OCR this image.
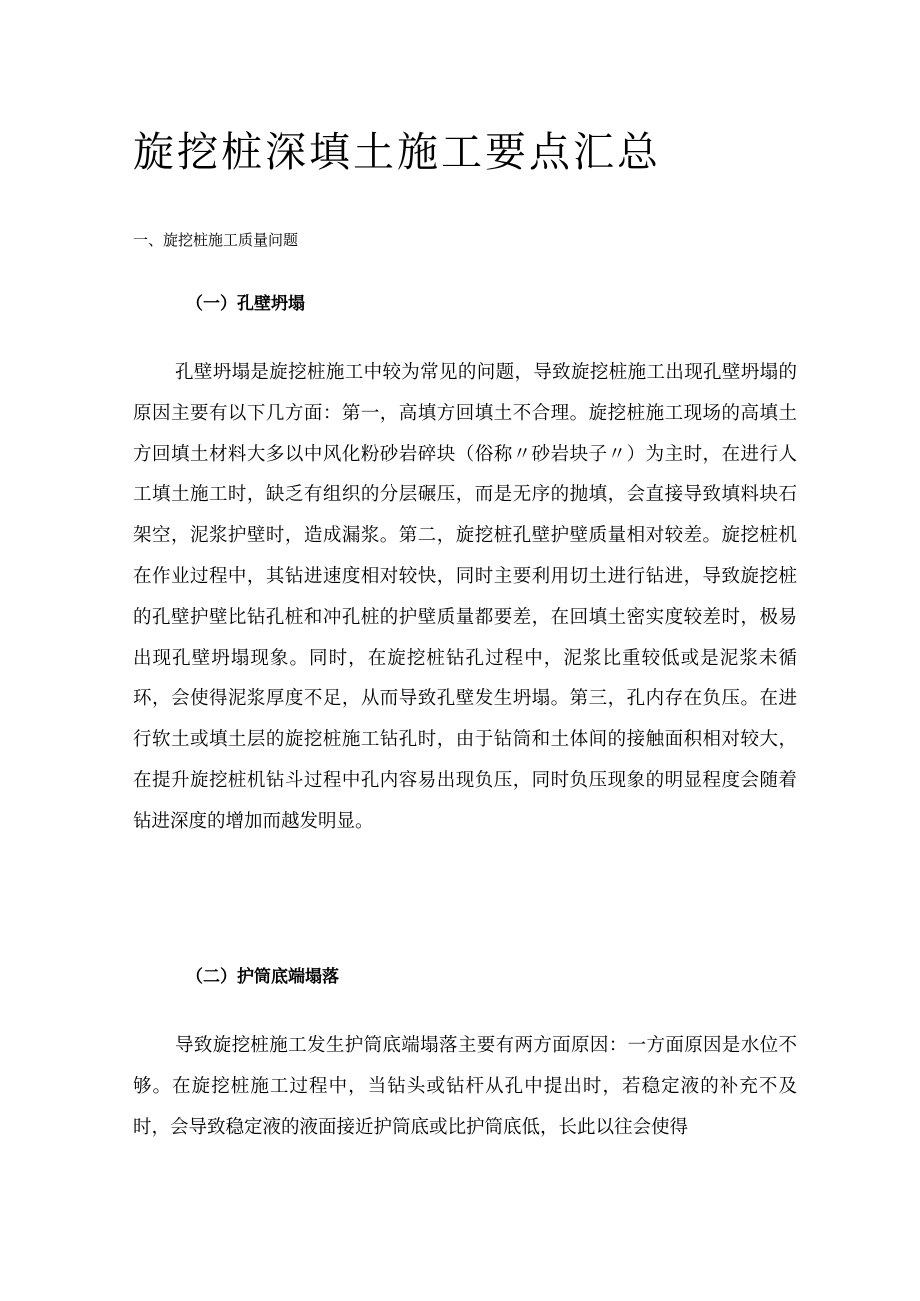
旋挖桩深填土施工要点汇总
一、旋挖桩施工质量问题
（一）孔壁坍塌

孔壁坍塌是旋挖桩施工中较为常见的问题，导致旋挖桩施工出现孔壁坍塌的原因主要有以下几方面：第一，高填方回填土不合理。旋挖桩施工现场的高填土方回填土材料大多以中风化粉砂岩碎块（俗称〃砂岩块子〃）为主时，在进行人工填土施工时，缺乏有组织的分层碾压，而是无序的抛填，会直接导致填料块石架空，泥浆护壁时，造成漏浆。第二，旋挖桩孔壁护壁质量相对较差。旋挖桩机在作业过程中，其钻进速度相对较快，同时主要利用切土进行钻进，导致旋挖桩的孔壁护壁比钻孔桩和冲孔桩的护壁质量都要差，在回填土密实度较差时，极易出现孔壁坍塌现象。同时，在旋挖桩钻孔过程中，泥浆比重较低或是泥浆未循环，会使得泥浆厚度不足，从而导致孔壁发生坍塌。第三，孔内存在负压。在进行软土或填土层的旋挖桩施工钻孔时，由于钻筒和土体间的接触面积相对较大，在提升旋挖桩机钻斗过程中孔内容易出现负压，同时负压现象的明显程度会随着钻进深度的增加而越发明显。

（二）护筒底端塌落

导致旋挖桩施工发生护筒底端塌落主要有两方面原因：一方面原因是水位不够。在旋挖桩施工过程中，当钻头或钻杆从孔中提出时，若稳定液的补充不及时，会导致稳定液的液面接近护筒底或比护筒底低，长此以往会使得
